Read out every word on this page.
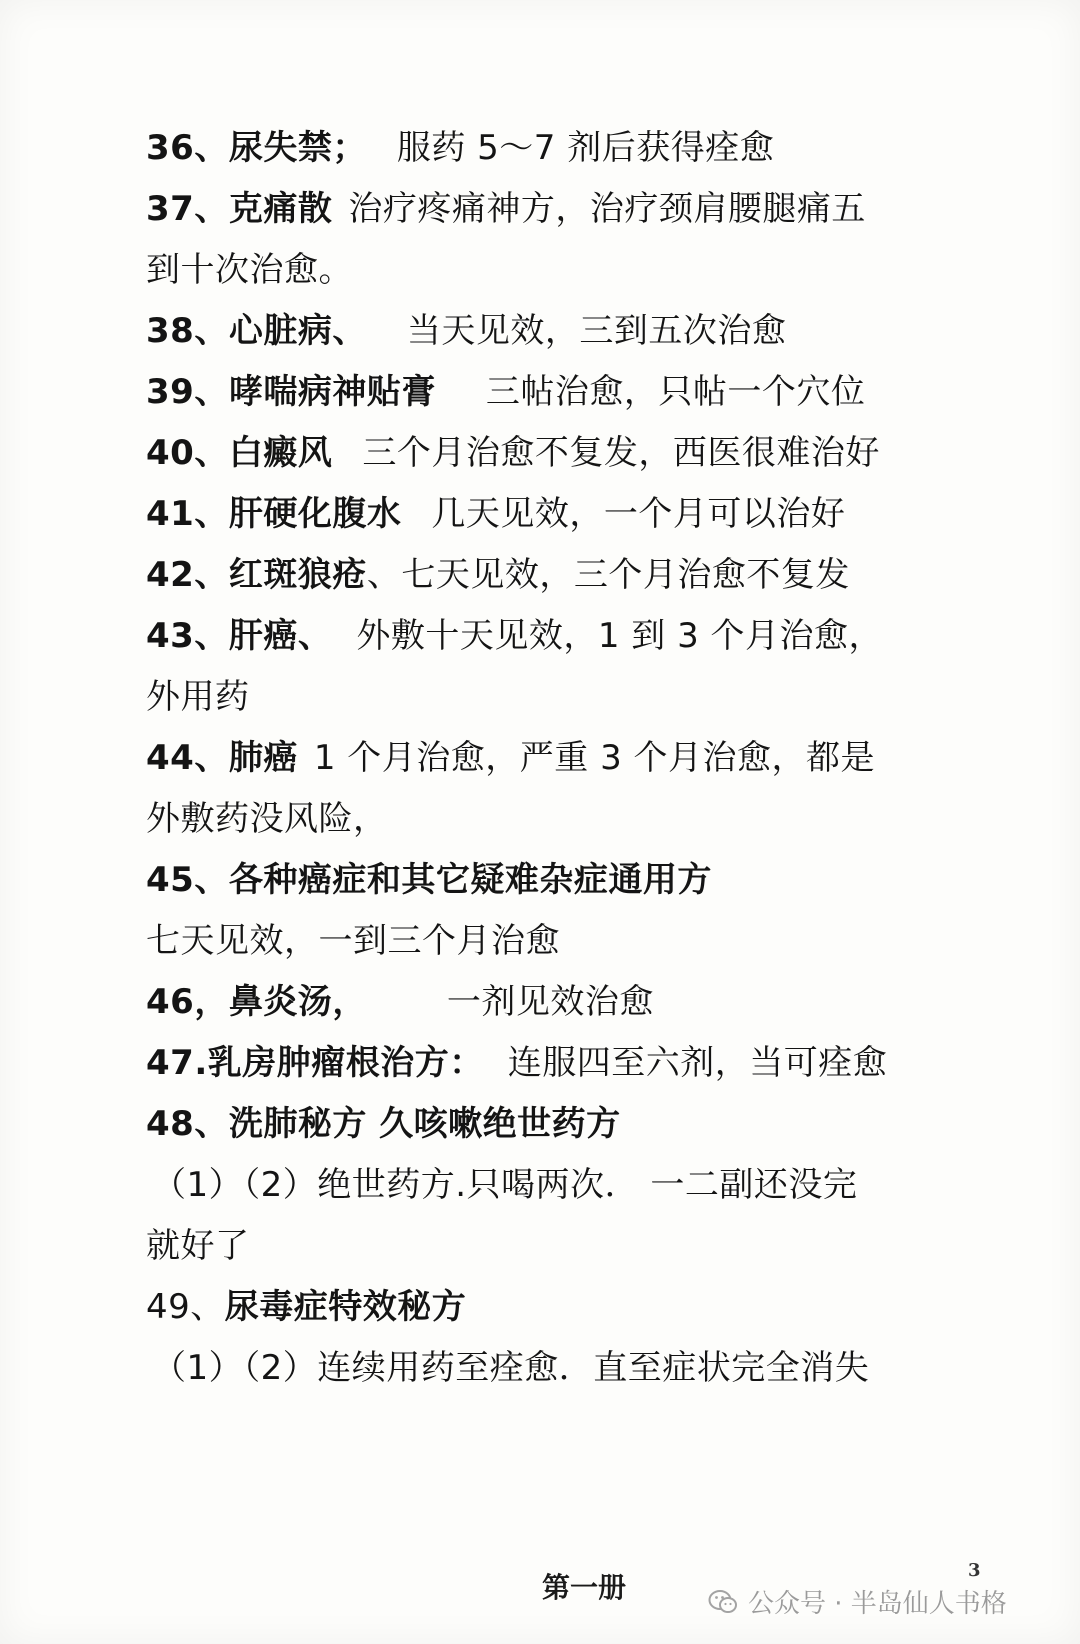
36、尿失禁； 服药 5～7 剂后获得痊愈
37、克痛散 治疗疼痛神方，治疗颈肩腰腿痛五
到十次治愈。
38、心脏病、 当天见效，三到五次治愈
39、哮喘病神贴膏 三帖治愈，只帖一个穴位
40、白癜风 三个月治愈不复发，西医很难治好
41、肝硬化腹水 几天见效，一个月可以治好
42、红斑狼疮、七天见效，三个月治愈不复发
43、肝癌、 外敷十天见效，1 到 3 个月治愈，
外用药
44、肺癌 1 个月治愈，严重 3 个月治愈，都是
外敷药没风险，
45、各种癌症和其它疑难杂症通用方
七天见效，一到三个月治愈
46，鼻炎汤， 一剂见效治愈
47.乳房肿瘤根治方： 连服四至六剂，当可痊愈
48、洗肺秘方 久咳嗽绝世药方
（1）（2）绝世药方.只喝两次． 一二副还没完
就好了
49、尿毒症特效秘方
（1）（2）连续用药至痊愈．直至症状完全消失
第一册
3
公众号 · 半岛仙人书格
